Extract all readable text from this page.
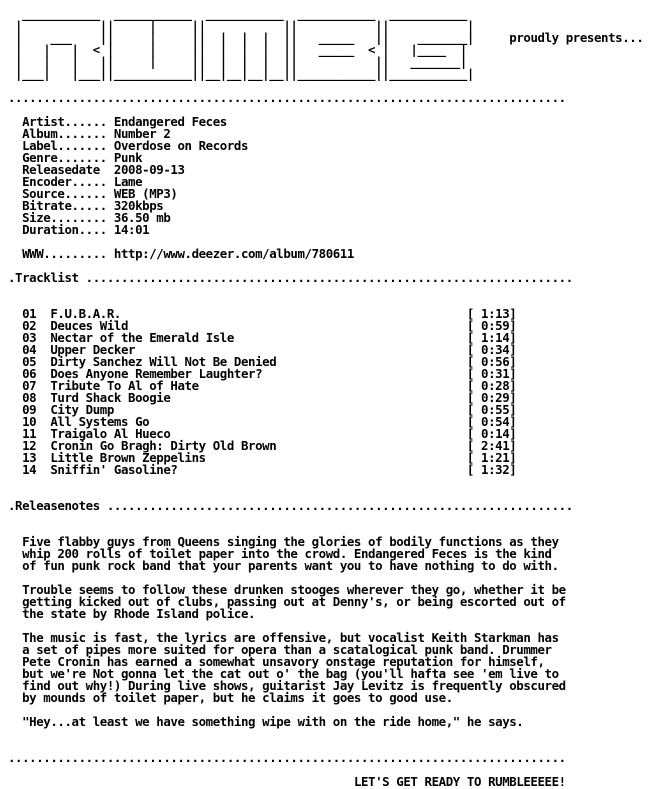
___________  ___________  ___________  ___________  ___________
|           ||     |     ||           ||           ||           |
|    ___    ||     |     ||  |  |  |  ||   _____   ||    _______|	proudly presents...
|   |   |  < |     |     ||  |  |  |  ||   _____  < |   |____  |
|   |   |   ||     |     ||  |  |  |  ||           ||   _______|
|___|   |___||___________||__|__|__|__||___________||___________|

...............................................................................

Artist...... Endangered Feces
Album....... Number 2
Label....... Overdose on Records
Genre....... Punk
Releasedate  2008-09-13
Encoder..... Lame
Source...... WEB (MP3)
Bitrate..... 320kbps
Size........ 36.50 mb
Duration.... 14:01

WWW......... http://www.deezer.com/album/780611

.Tracklist .....................................................................

01 F.U.B.A.R.                                                 [ 1:13]
02 Deuces Wild                                                [ 0:59]
03 Nectar of the Emerald Isle                                 [ 1:14]
04 Upper Decker                                               [ 0:34]
05 Dirty Sanchez Will Not Be Denied                           [ 0:56]
06 Does Anyone Remember Laughter?                             [ 0:31]
07 Tribute To Al of Hate                                      [ 0:28]
08 Turd Shack Boogie                                          [ 0:29]
09 City Dump                                                  [ 0:55]
10 All Systems Go                                             [ 0:54]
11 Traigalo Al Hueco                                          [ 0:14]
12 Cronin Go Bragh: Dirty Old Brown                           [ 2:41]
13 Little Brown Zeppelins                                     [ 1:21]
14 Sniffin' Gasoline?                                         [ 1:32]

.Releasenotes ..................................................................

Five flabby guys from Queens singing the glories of bodily functions as they
whip 200 rolls of toilet paper into the crowd. Endangered Feces is the kind
of fun punk rock band that your parents want you to have nothing to do with.

Trouble seems to follow these drunken stooges wherever they go, whether it be
getting kicked out of clubs, passing out at Denny's, or being escorted out of
the state by Rhode Island police.

The music is fast, the lyrics are offensive, but vocalist Keith Starkman has
a set of pipes more suited for opera than a scatalogical punk band. Drummer
Pete Cronin has earned a somewhat unsavory onstage reputation for himself,
but we're Not gonna let the cat out o' the bag (you'll hafta see 'em live to
find out why!) During live shows, guitarist Jay Levitz is frequently obscured
by mounds of toilet paper, but he claims it goes to good use.

"Hey...at least we have something wipe with on the ride home," he says.

...............................................................................

LET'S GET READY TO RUMBLEEEEE!
